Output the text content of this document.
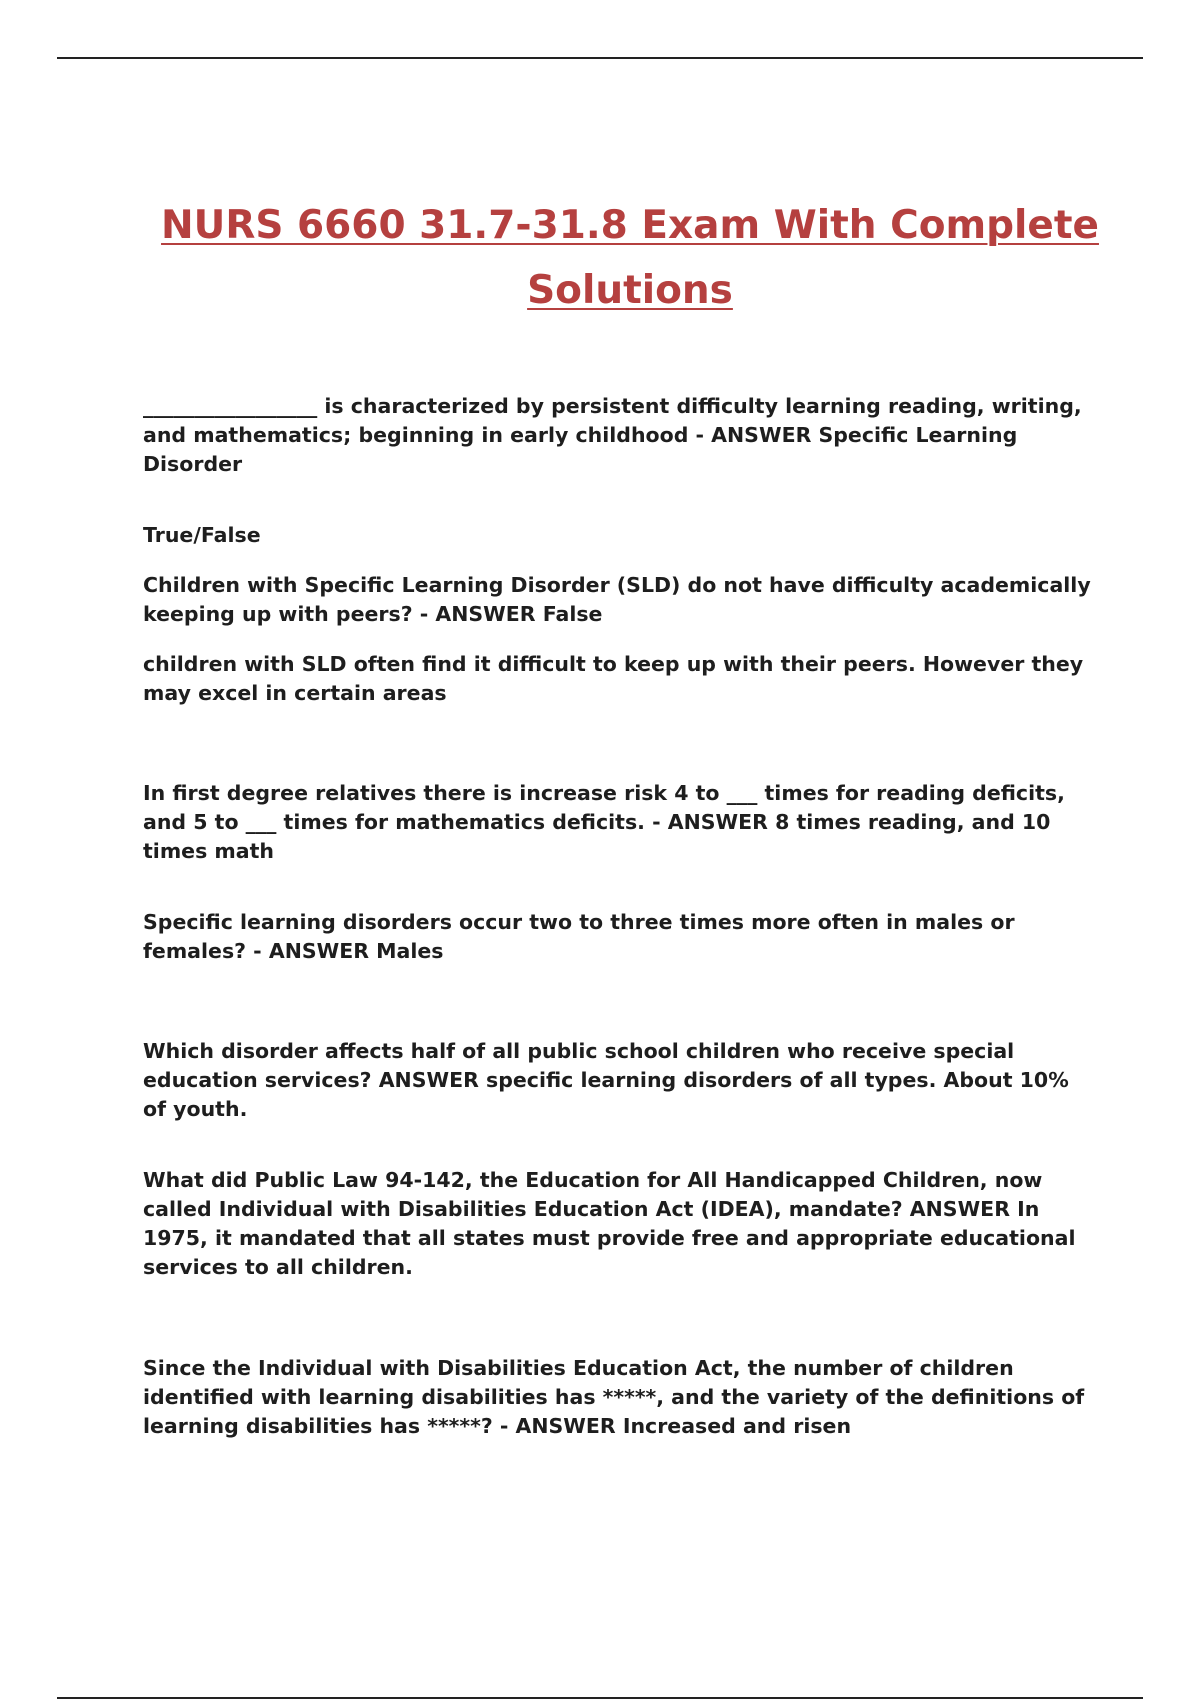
NURS 6660 31.7-31.8 Exam With Complete Solutions

_________________ is characterized by persistent difficulty learning reading, writing, and mathematics; beginning in early childhood - ANSWER Specific Learning Disorder

True/False

Children with Specific Learning Disorder (SLD) do not have difficulty academically keeping up with peers? - ANSWER False

children with SLD often find it difficult to keep up with their peers. However they may excel in certain areas

In first degree relatives there is increase risk 4 to ___ times for reading deficits, and 5 to ___ times for mathematics deficits. - ANSWER 8 times reading, and 10 times math

Specific learning disorders occur two to three times more often in males or females? - ANSWER Males

Which disorder affects half of all public school children who receive special education services? ANSWER specific learning disorders of all types. About 10% of youth.

What did Public Law 94-142, the Education for All Handicapped Children, now called Individual with Disabilities Education Act (IDEA), mandate? ANSWER In 1975, it mandated that all states must provide free and appropriate educational services to all children.

Since the Individual with Disabilities Education Act, the number of children identified with learning disabilities has *****, and the variety of the definitions of learning disabilities has *****? - ANSWER Increased and risen
